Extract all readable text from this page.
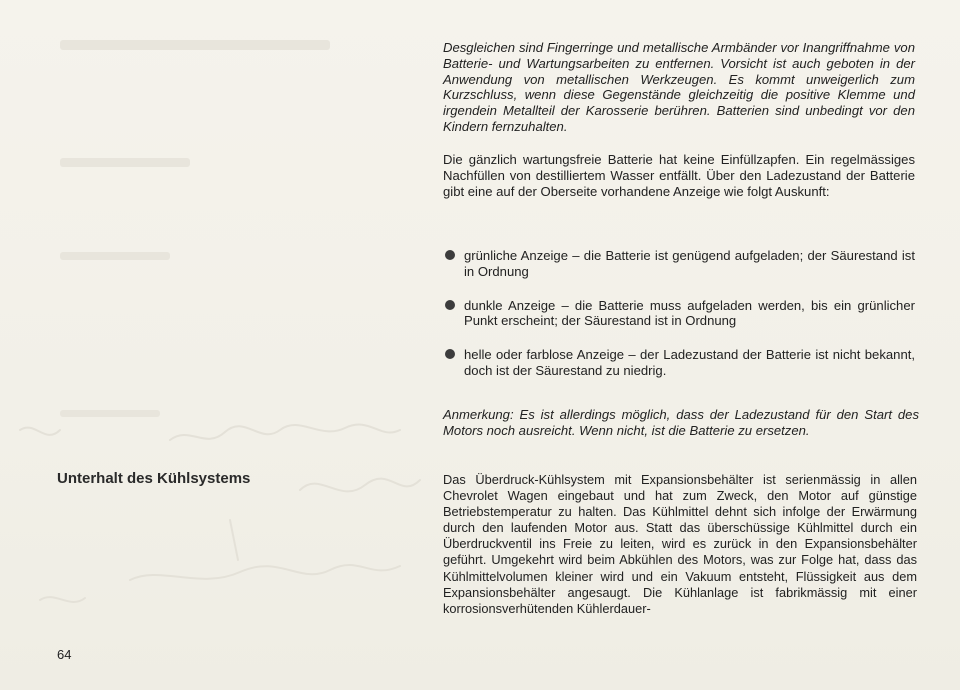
Desgleichen sind Fingerringe und metallische Armbänder vor Inangriffnahme von Batterie- und Wartungsarbeiten zu entfernen. Vorsicht ist auch geboten in der Anwendung von metallischen Werkzeugen. Es kommt unweigerlich zum Kurzschluss, wenn diese Gegenstände gleichzeitig die positive Klemme und irgendein Metallteil der Karosserie berühren. Batterien sind unbedingt vor den Kindern fernzuhalten.

Die gänzlich wartungsfreie Batterie hat keine Einfüllzapfen. Ein regelmässiges Nachfüllen von destilliertem Wasser entfällt. Über den Ladezustand der Batterie gibt eine auf der Oberseite vorhandene Anzeige wie folgt Auskunft:

grünliche Anzeige – die Batterie ist genügend aufgeladen; der Säurestand ist in Ordnung
dunkle Anzeige – die Batterie muss aufgeladen werden, bis ein grünlicher Punkt erscheint; der Säurestand ist in Ordnung
helle oder farblose Anzeige – der Ladezustand der Batterie ist nicht bekannt, doch ist der Säurestand zu niedrig.

Anmerkung: Es ist allerdings möglich, dass der Ladezustand für den Start des Motors noch ausreicht. Wenn nicht, ist die Batterie zu ersetzen.

Unterhalt des Kühlsystems	Das Überdruck-Kühlsystem mit Expansionsbehälter ist serienmässig in allen Chevrolet Wagen eingebaut und hat zum Zweck, den Motor auf günstige Betriebstemperatur zu halten. Das Kühlmittel dehnt sich infolge der Erwärmung durch den laufenden Motor aus. Statt das überschüssige Kühlmittel durch ein Überdruckventil ins Freie zu leiten, wird es zurück in den Expansionsbehälter geführt. Umgekehrt wird beim Abkühlen des Motors, was zur Folge hat, dass das Kühlmittelvolumen kleiner wird und ein Vakuum entsteht, Flüssigkeit aus dem Expansionsbehälter angesaugt. Die Kühlanlage ist fabrikmässig mit einer korrosionsverhütenden Kühlerdauer-

64
